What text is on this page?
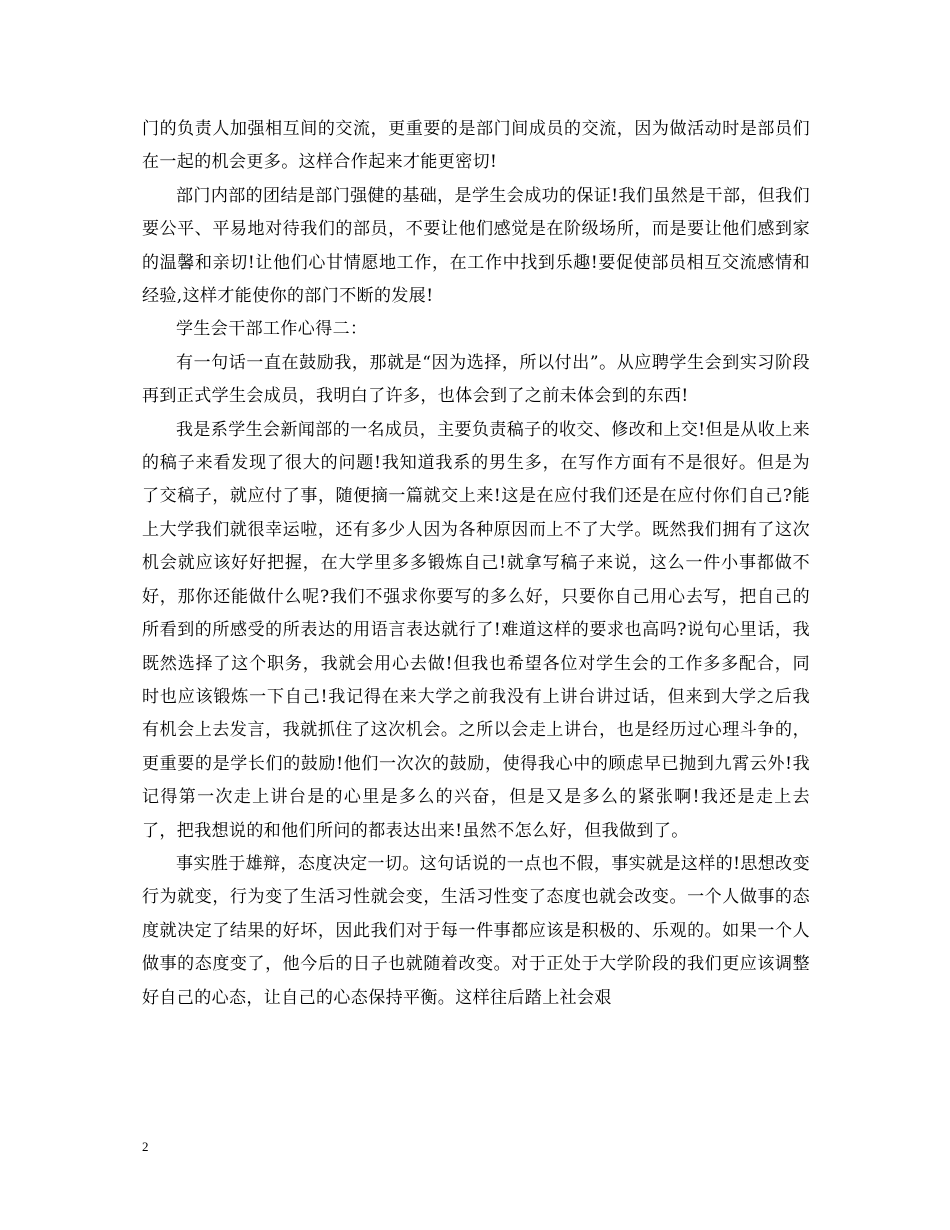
门的负责人加强相互间的交流，更重要的是部门间成员的交流，因为做活动时是部员们在一起的机会更多。这样合作起来才能更密切!

部门内部的团结是部门强健的基础，是学生会成功的保证!我们虽然是干部，但我们要公平、平易地对待我们的部员，不要让他们感觉是在阶级场所，而是要让他们感到家的温馨和亲切!让他们心甘情愿地工作，在工作中找到乐趣!要促使部员相互交流感情和经验,这样才能使你的部门不断的发展!

学生会干部工作心得二：

有一句话一直在鼓励我，那就是“因为选择，所以付出”。从应聘学生会到实习阶段再到正式学生会成员，我明白了许多，也体会到了之前未体会到的东西!

我是系学生会新闻部的一名成员，主要负责稿子的收交、修改和上交!但是从收上来的稿子来看发现了很大的问题!我知道我系的男生多，在写作方面有不是很好。但是为了交稿子，就应付了事，随便摘一篇就交上来!这是在应付我们还是在应付你们自己?能上大学我们就很幸运啦，还有多少人因为各种原因而上不了大学。既然我们拥有了这次机会就应该好好把握，在大学里多多锻炼自己!就拿写稿子来说，这么一件小事都做不好，那你还能做什么呢?我们不强求你要写的多么好，只要你自己用心去写，把自己的所看到的所感受的所表达的用语言表达就行了!难道这样的要求也高吗?说句心里话，我既然选择了这个职务，我就会用心去做!但我也希望各位对学生会的工作多多配合，同时也应该锻炼一下自己!我记得在来大学之前我没有上讲台讲过话，但来到大学之后我有机会上去发言，我就抓住了这次机会。之所以会走上讲台，也是经历过心理斗争的，更重要的是学长们的鼓励!他们一次次的鼓励，使得我心中的顾虑早已抛到九霄云外!我记得第一次走上讲台是的心里是多么的兴奋，但是又是多么的紧张啊!我还是走上去了，把我想说的和他们所问的都表达出来!虽然不怎么好，但我做到了。

事实胜于雄辩，态度决定一切。这句话说的一点也不假，事实就是这样的!思想改变行为就变，行为变了生活习性就会变，生活习性变了态度也就会改变。一个人做事的态度就决定了结果的好坏，因此我们对于每一件事都应该是积极的、乐观的。如果一个人做事的态度变了，他今后的日子也就随着改变。对于正处于大学阶段的我们更应该调整好自己的心态，让自己的心态保持平衡。这样往后踏上社会艰

2
